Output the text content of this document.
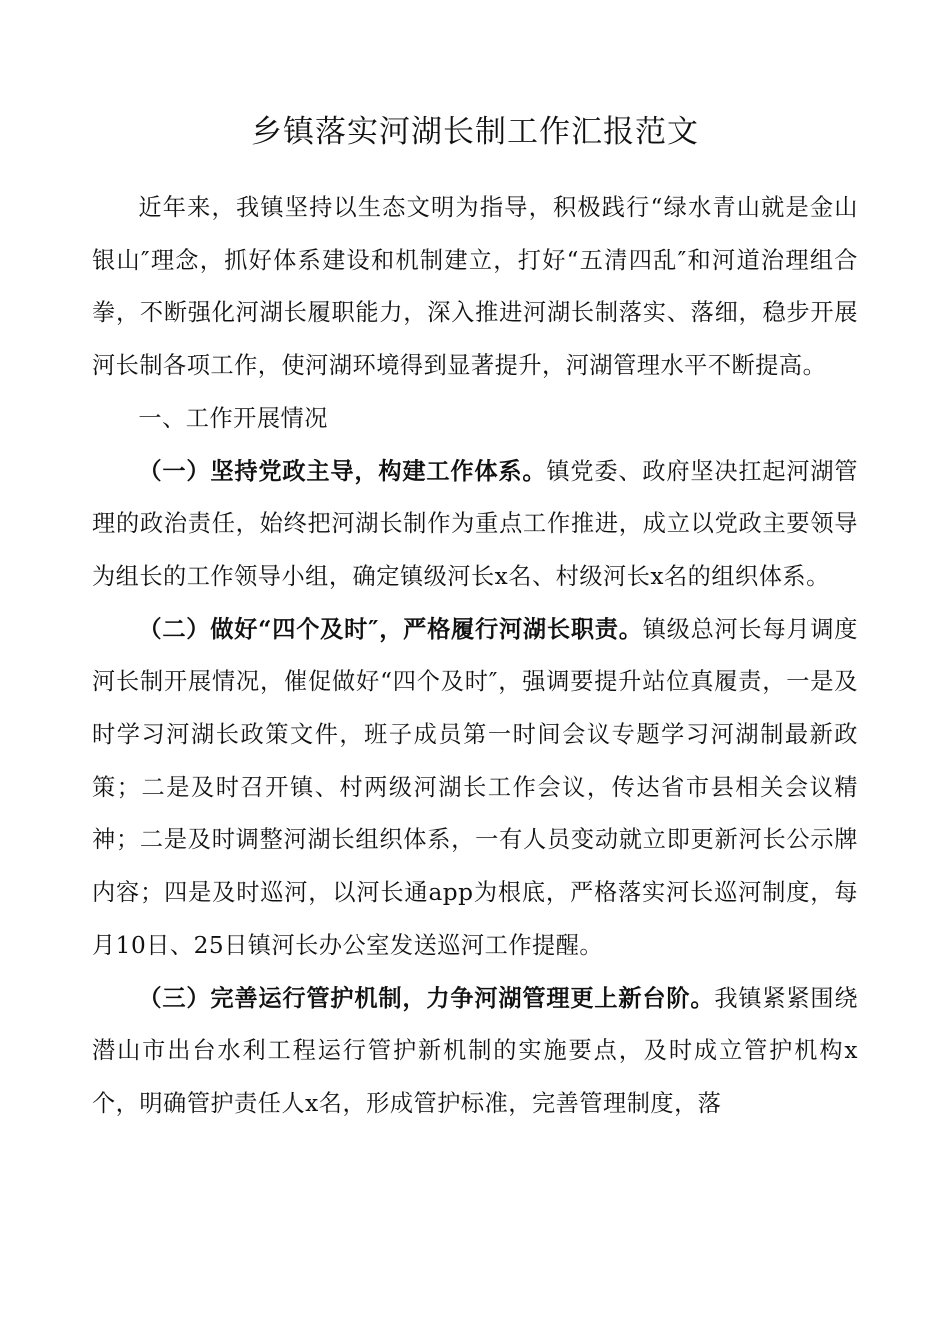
乡镇落实河湖长制工作汇报范文

近年来，我镇坚持以生态文明为指导，积极践行“绿水青山就是金山银山″理念，抓好体系建设和机制建立，打好“五清四乱″和河道治理组合拳，不断强化河湖长履职能力，深入推进河湖长制落实、落细，稳步开展河长制各项工作，使河湖环境得到显著提升，河湖管理水平不断提高。

一、工作开展情况

（一）坚持党政主导，构建工作体系。镇党委、政府坚决扛起河湖管理的政治责任，始终把河湖长制作为重点工作推进，成立以党政主要领导为组长的工作领导小组，确定镇级河长x名、村级河长x名的组织体系。

（二）做好“四个及时″，严格履行河湖长职责。镇级总河长每月调度河长制开展情况，催促做好“四个及时″，强调要提升站位真履责，一是及时学习河湖长政策文件，班子成员第一时间会议专题学习河湖制最新政策；二是及时召开镇、村两级河湖长工作会议，传达省市县相关会议精神；二是及时调整河湖长组织体系，一有人员变动就立即更新河长公示牌内容；四是及时巡河，以河长通app为根底，严格落实河长巡河制度，每月10日、25日镇河长办公室发送巡河工作提醒。

（三）完善运行管护机制，力争河湖管理更上新台阶。我镇紧紧围绕潜山市出台水利工程运行管护新机制的实施要点，及时成立管护机构x个，明确管护责任人x名，形成管护标准，完善管理制度，落
